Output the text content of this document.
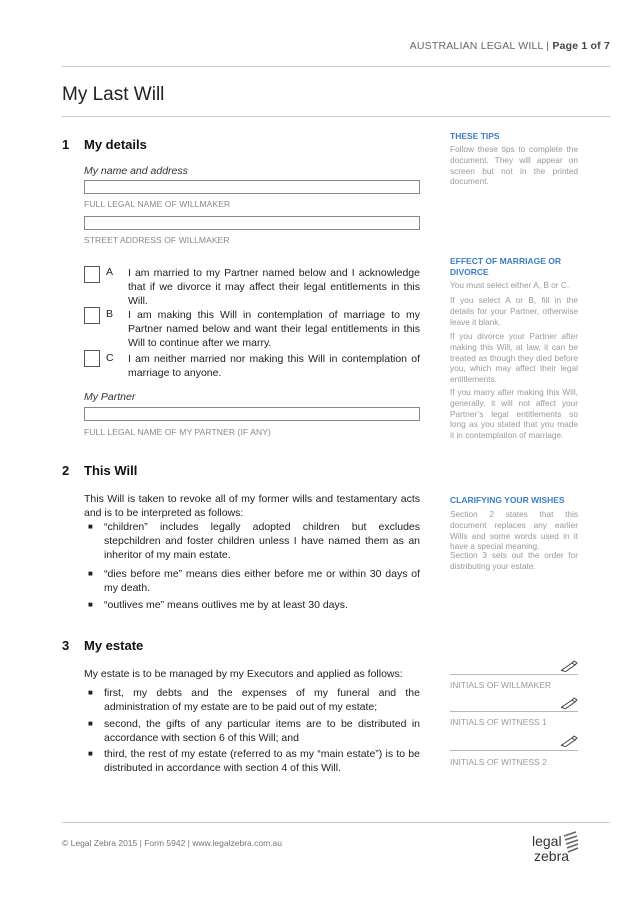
AUSTRALIAN LEGAL WILL | Page 1 of 7
My Last Will
1 My details
My name and address
FULL LEGAL NAME OF WILLMAKER
STREET ADDRESS OF WILLMAKER
A I am married to my Partner named below and I acknowledge that if we divorce it may affect their legal entitlements in this Will.
B I am making this Will in contemplation of marriage to my Partner named below and want their legal entitlements in this Will to continue after we marry.
C I am neither married nor making this Will in contemplation of marriage to anyone.
My Partner
FULL LEGAL NAME OF MY PARTNER (IF ANY)
2 This Will
This Will is taken to revoke all of my former wills and testamentary acts and is to be interpreted as follows:
■ “children” includes legally adopted children but excludes stepchildren and foster children unless I have named them as an inheritor of my main estate.
■ “dies before me” means dies either before me or within 30 days of my death.
■ “outlives me” means outlives me by at least 30 days.
3 My estate
My estate is to be managed by my Executors and applied as follows:
■ first, my debts and the expenses of my funeral and the administration of my estate are to be paid out of my estate;
■ second, the gifts of any particular items are to be distributed in accordance with section 6 of this Will; and
■ third, the rest of my estate (referred to as my “main estate”) is to be distributed in accordance with section 4 of this Will.
THESE TIPS
Follow these tips to complete the document. They will appear on screen but not in the printed document.
EFFECT OF MARRIAGE OR DIVORCE
You must select either A, B or C.
If you select A or B, fill in the details for your Partner, otherwise leave it blank.
If you divorce your Partner after making this Will, at law, it can be treated as though they died before you, which may affect their legal entitlements.
If you marry after making this Will, generally, it will not affect your Partner’s legal entitlements so long as you stated that you made it in contemplation of marriage.
CLARIFYING YOUR WISHES
Section 2 states that this document replaces any earlier Wills and some words used in it have a special meaning.
Section 3 sets out the order for distributing your estate.
INITIALS OF WILLMAKER
INITIALS OF WITNESS 1
INITIALS OF WITNESS 2
© Legal Zebra 2015 | Form 5942 | www.legalzebra.com.au	legal
zebra
